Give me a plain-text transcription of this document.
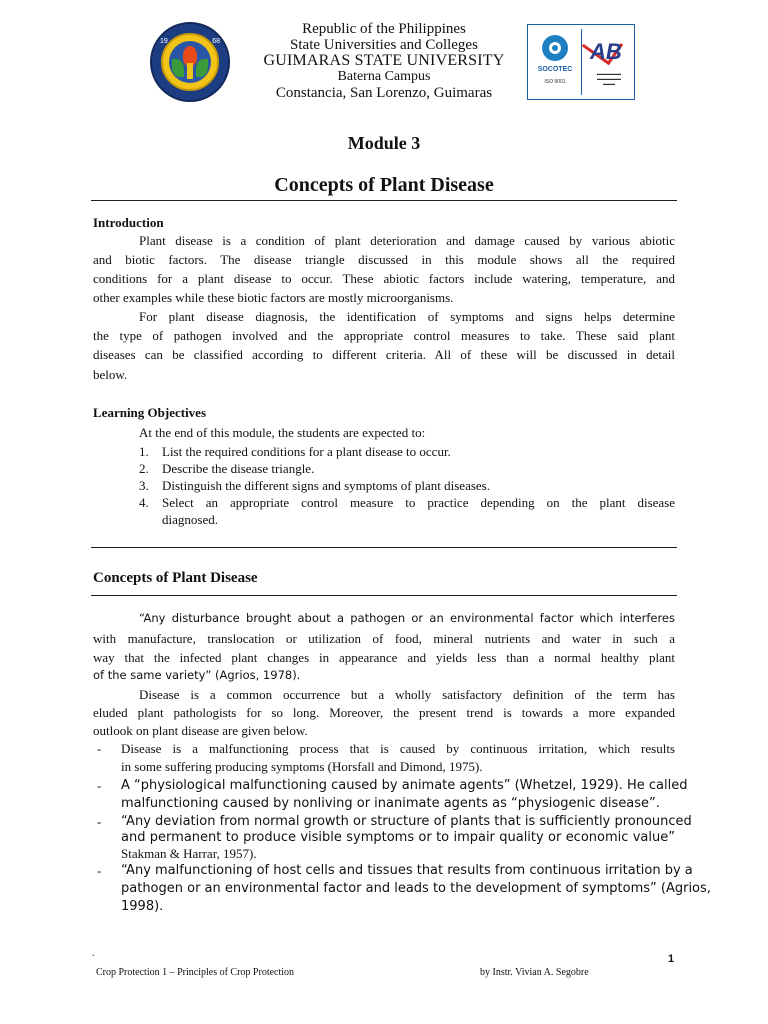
19	68
Republic of the Philippines
State Universities and Colleges
GUIMARAS STATE UNIVERSITY
Baterna Campus
Constancia, San Lorenzo, Guimaras
SOCOTEC
ISO 9001
AB
▬▬▬▬▬▬
▬▬▬▬▬▬
▬▬▬
Module 3
Concepts of Plant Disease
Introduction
Plant disease is a condition of plant deterioration and damage caused by various abiotic
and biotic factors. The disease triangle discussed in this module shows all the required
conditions for a plant disease to occur. These abiotic factors include watering, temperature, and
other examples while these biotic factors are mostly microorganisms.
For plant disease diagnosis, the identification of symptoms and signs helps determine
the type of pathogen involved and the appropriate control measures to take. These said plant
diseases can be classified according to different criteria. All of these will be discussed in detail
below.
Learning Objectives
At the end of this module, the students are expected to:
1. List the required conditions for a plant disease to occur.
2. Describe the disease triangle.
3. Distinguish the different signs and symptoms of plant diseases.
4. Select an appropriate control measure to practice depending on the plant disease
diagnosed.
Concepts of Plant Disease
“Any disturbance brought about a pathogen or an environmental factor which interferes
with manufacture, translocation or utilization of food, mineral nutrients and water in such a
way that the infected plant changes in appearance and yields less than a normal healthy plant
of the same variety” (Agrios, 1978).
Disease is a common occurrence but a wholly satisfactory definition of the term has
eluded plant pathologists for so long. Moreover, the present trend is towards a more expanded
outlook on plant disease are given below.
- Disease is a malfunctioning process that is caused by continuous irritation, which results
in some suffering producing symptoms (Horsfall and Dimond, 1975).
- A “physiological malfunctioning caused by animate agents” (Whetzel, 1929). He called
malfunctioning caused by nonliving or inanimate agents as “physiogenic disease”.
- “Any deviation from normal growth or structure of plants that is sufficiently pronounced
and permanent to produce visible symptoms or to impair quality or economic value”
Stakman & Harrar, 1957).
- “Any malfunctioning of host cells and tissues that results from continuous irritation by a
pathogen or an environmental factor and leads to the development of symptoms” (Agrios,
1998).
.	1
Crop Protection 1 – Principles of Crop Protection	by Instr. Vivian A. Segobre
